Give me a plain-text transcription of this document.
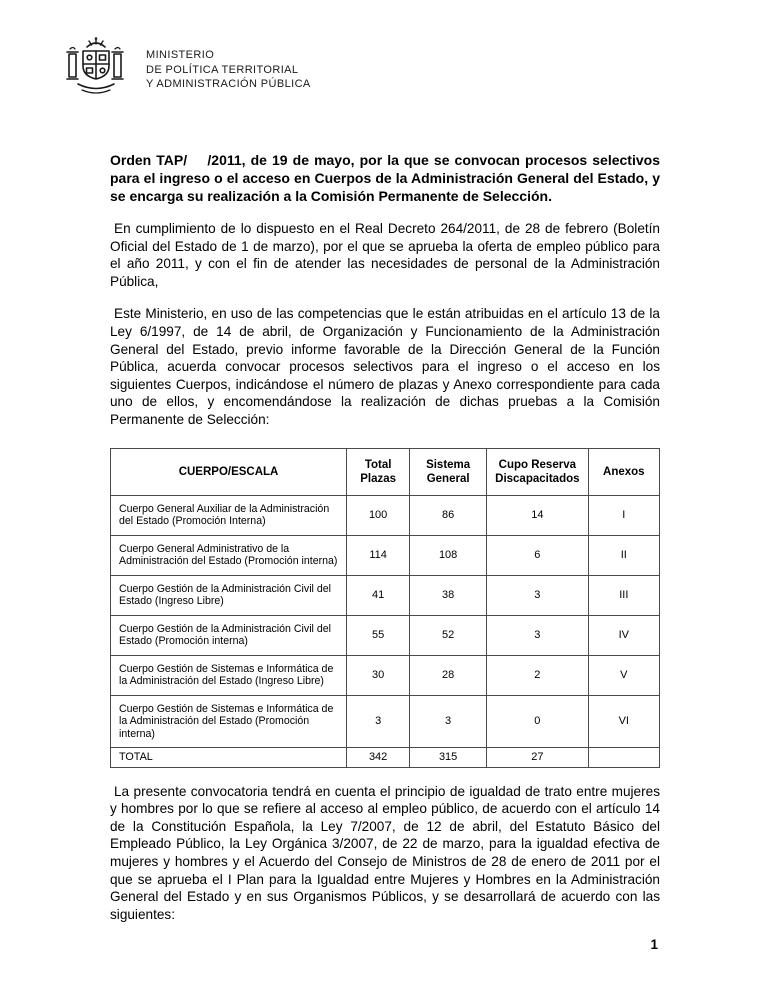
MINISTERIO
DE POLÍTICA TERRITORIAL
Y ADMINISTRACIÓN PÚBLICA
Orden TAP/    /2011, de 19 de mayo, por la que se convocan procesos selectivos para el ingreso o el acceso en Cuerpos de la Administración General del Estado, y se encarga su realización a la Comisión Permanente de Selección.
En cumplimiento de lo dispuesto en el Real Decreto 264/2011, de 28 de febrero (Boletín Oficial del Estado de 1 de marzo), por el que se aprueba la oferta de empleo público para el año 2011, y con el fin de atender las necesidades de personal de la Administración Pública,
Este Ministerio, en uso de las competencias que le están atribuidas en el artículo 13 de la Ley 6/1997, de 14 de abril, de Organización y Funcionamiento de la Administración General del Estado, previo informe favorable de la Dirección General de la Función Pública, acuerda convocar procesos selectivos para el ingreso o el acceso en los siguientes Cuerpos, indicándose el número de plazas y Anexo correspondiente para cada uno de ellos, y encomendándose la realización de dichas pruebas a la Comisión Permanente de Selección:
CUERPO/ESCALA	Total Plazas	Sistema General	Cupo Reserva Discapacitados	Anexos
Cuerpo General Auxiliar de la Administración del Estado (Promoción Interna)	100	86	14	I
Cuerpo General Administrativo de la Administración del Estado (Promoción interna)	114	108	6	II
Cuerpo Gestión de la Administración Civil del Estado (Ingreso Libre)	41	38	3	III
Cuerpo Gestión de la Administración Civil del Estado (Promoción interna)	55	52	3	IV
Cuerpo Gestión de Sistemas e Informática de la Administración del Estado (Ingreso Libre)	30	28	2	V
Cuerpo Gestión de Sistemas e Informática de la Administración del Estado (Promoción interna)	3	3	0	VI
TOTAL	342	315	27	
La presente convocatoria tendrá en cuenta el principio de igualdad de trato entre mujeres y hombres por lo que se refiere al acceso al empleo público, de acuerdo con el artículo 14 de la Constitución Española, la Ley 7/2007, de 12 de abril, del Estatuto Básico del Empleado Público, la Ley Orgánica 3/2007, de 22 de marzo, para la igualdad efectiva de mujeres y hombres y el Acuerdo del Consejo de Ministros de 28 de enero de 2011 por el que se aprueba el I Plan para la Igualdad entre Mujeres y Hombres en la Administración General del Estado y en sus Organismos Públicos, y se desarrollará de acuerdo con las siguientes:
1
